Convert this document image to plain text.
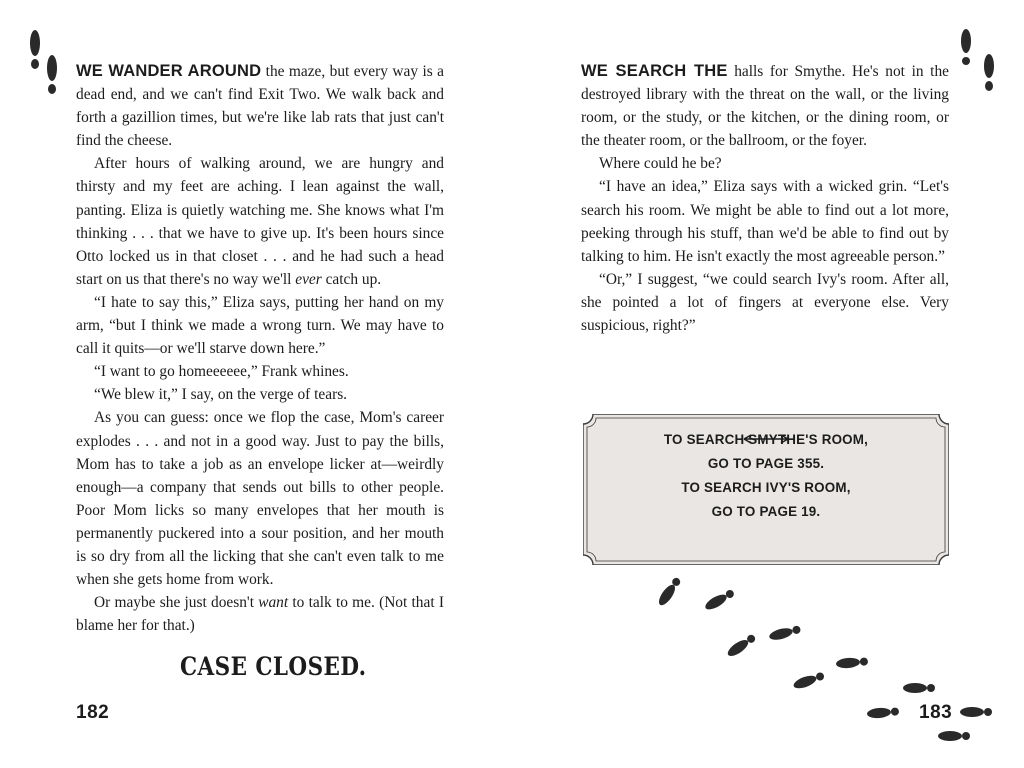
WE WANDER AROUND the maze, but every way is a dead end, and we can't find Exit Two. We walk back and forth a gazillion times, but we're like lab rats that just can't find the cheese.

After hours of walking around, we are hungry and thirsty and my feet are aching. I lean against the wall, panting. Eliza is quietly watching me. She knows what I'm thinking . . . that we have to give up. It's been hours since Otto locked us in that closet . . . and he had such a head start on us that there's no way we'll ever catch up.

“I hate to say this,” Eliza says, putting her hand on my arm, “but I think we made a wrong turn. We may have to call it quits—or we'll starve down here.”

“I want to go homeeeeee,” Frank whines.

“We blew it,” I say, on the verge of tears.

As you can guess: once we flop the case, Mom's career explodes . . . and not in a good way. Just to pay the bills, Mom has to take a job as an envelope licker at—weirdly enough—a company that sends out bills to other people. Poor Mom licks so many envelopes that her mouth is permanently puckered into a sour position, and her mouth is so dry from all the licking that she can't even talk to me when she gets home from work.

Or maybe she just doesn't want to talk to me. (Not that I blame her for that.)

CASE CLOSED.
182

WE SEARCH THE halls for Smythe. He's not in the destroyed library with the threat on the wall, or the living room, or the study, or the kitchen, or the dining room, or the theater room, or the ballroom, or the foyer.

Where could he be?

“I have an idea,” Eliza says with a wicked grin. “Let's search his room. We might be able to find out a lot more, peeking through his stuff, than we'd be able to find out by talking to him. He isn't exactly the most agreeable person.”

“Or,” I suggest, “we could search Ivy's room. After all, she pointed a lot of fingers at everyone else. Very suspicious, right?”

TO SEARCH SMYTHE'S ROOM,
GO TO PAGE 355.
TO SEARCH IVY'S ROOM,
GO TO PAGE 19.
183
